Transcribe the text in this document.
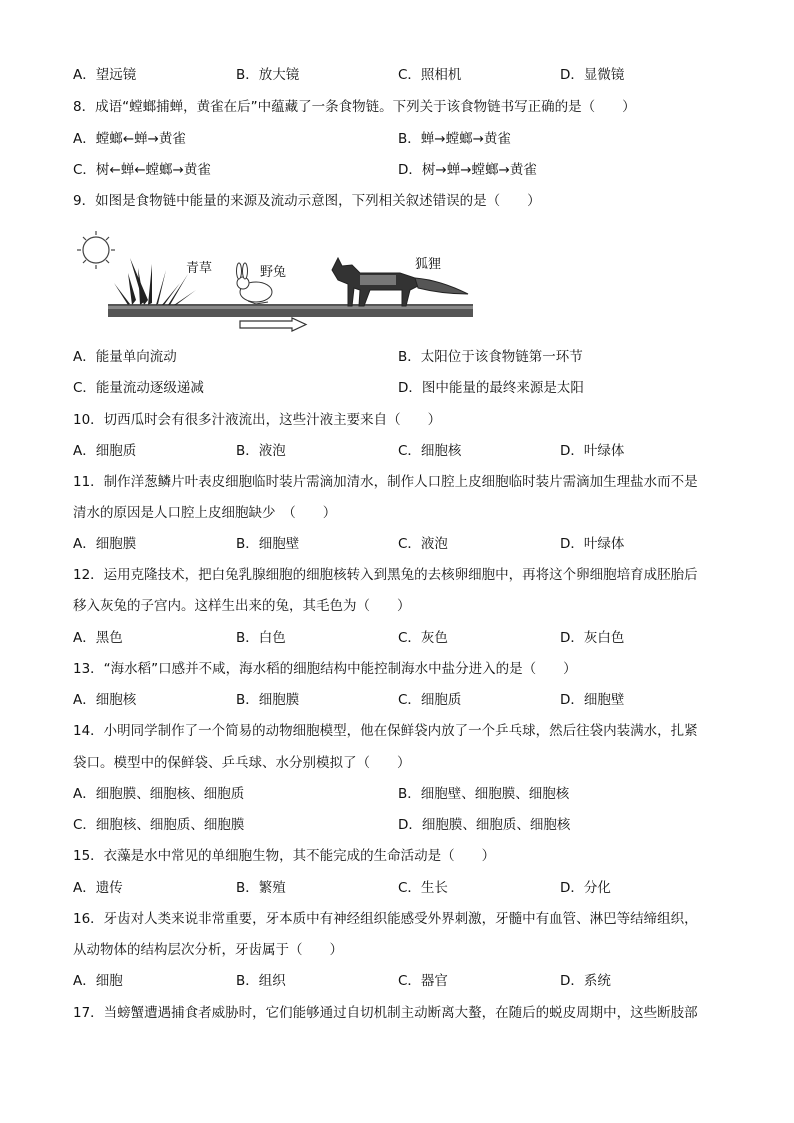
A．望远镜	B．放大镜	C．照相机	D．显微镜
8．成语“螳螂捕蝉，黄雀在后”中蕴藏了一条食物链。下列关于该食物链书写正确的是（　　）
A．螳螂←蝉→黄雀	B．蝉→螳螂→黄雀
C．树←蝉←螳螂→黄雀	D．树→蝉→螳螂→黄雀
9．如图是食物链中能量的来源及流动示意图，下列相关叙述错误的是（　　）
青草	野兔
狐狸
A．能量单向流动	B．太阳位于该食物链第一环节
C．能量流动逐级递减	D．图中能量的最终来源是太阳
10．切西瓜时会有很多汁液流出，这些汁液主要来自（　　）
A．细胞质	B．液泡	C．细胞核	D．叶绿体
11．制作洋葱鳞片叶表皮细胞临时装片需滴加清水，制作人口腔上皮细胞临时装片需滴加生理盐水而不是
清水的原因是人口腔上皮细胞缺少　（　　）
A．细胞膜	B．细胞壁	C．液泡	D．叶绿体
12．运用克隆技术，把白兔乳腺细胞的细胞核转入到黑兔的去核卵细胞中，再将这个卵细胞培育成胚胎后
移入灰兔的子宫内。这样生出来的兔，其毛色为（　　）
A．黑色	B．白色	C．灰色	D．灰白色
13．“海水稻”口感并不咸，海水稻的细胞结构中能控制海水中盐分进入的是（　　）
A．细胞核	B．细胞膜	C．细胞质	D．细胞壁
14．小明同学制作了一个简易的动物细胞模型，他在保鲜袋内放了一个乒乓球，然后往袋内装满水，扎紧
袋口。模型中的保鲜袋、乒乓球、水分别模拟了（　　）
A．细胞膜、细胞核、细胞质	B．细胞壁、细胞膜、细胞核
C．细胞核、细胞质、细胞膜	D．细胞膜、细胞质、细胞核
15．衣藻是水中常见的单细胞生物，其不能完成的生命活动是（　　）
A．遗传	B．繁殖	C．生长	D．分化
16．牙齿对人类来说非常重要，牙本质中有神经组织能感受外界刺激，牙髓中有血管、淋巴等结缔组织，
从动物体的结构层次分析，牙齿属于（　　）
A．细胞	B．组织	C．器官	D．系统
17．当螃蟹遭遇捕食者威胁时，它们能够通过自切机制主动断离大螯，在随后的蜕皮周期中，这些断肢部
